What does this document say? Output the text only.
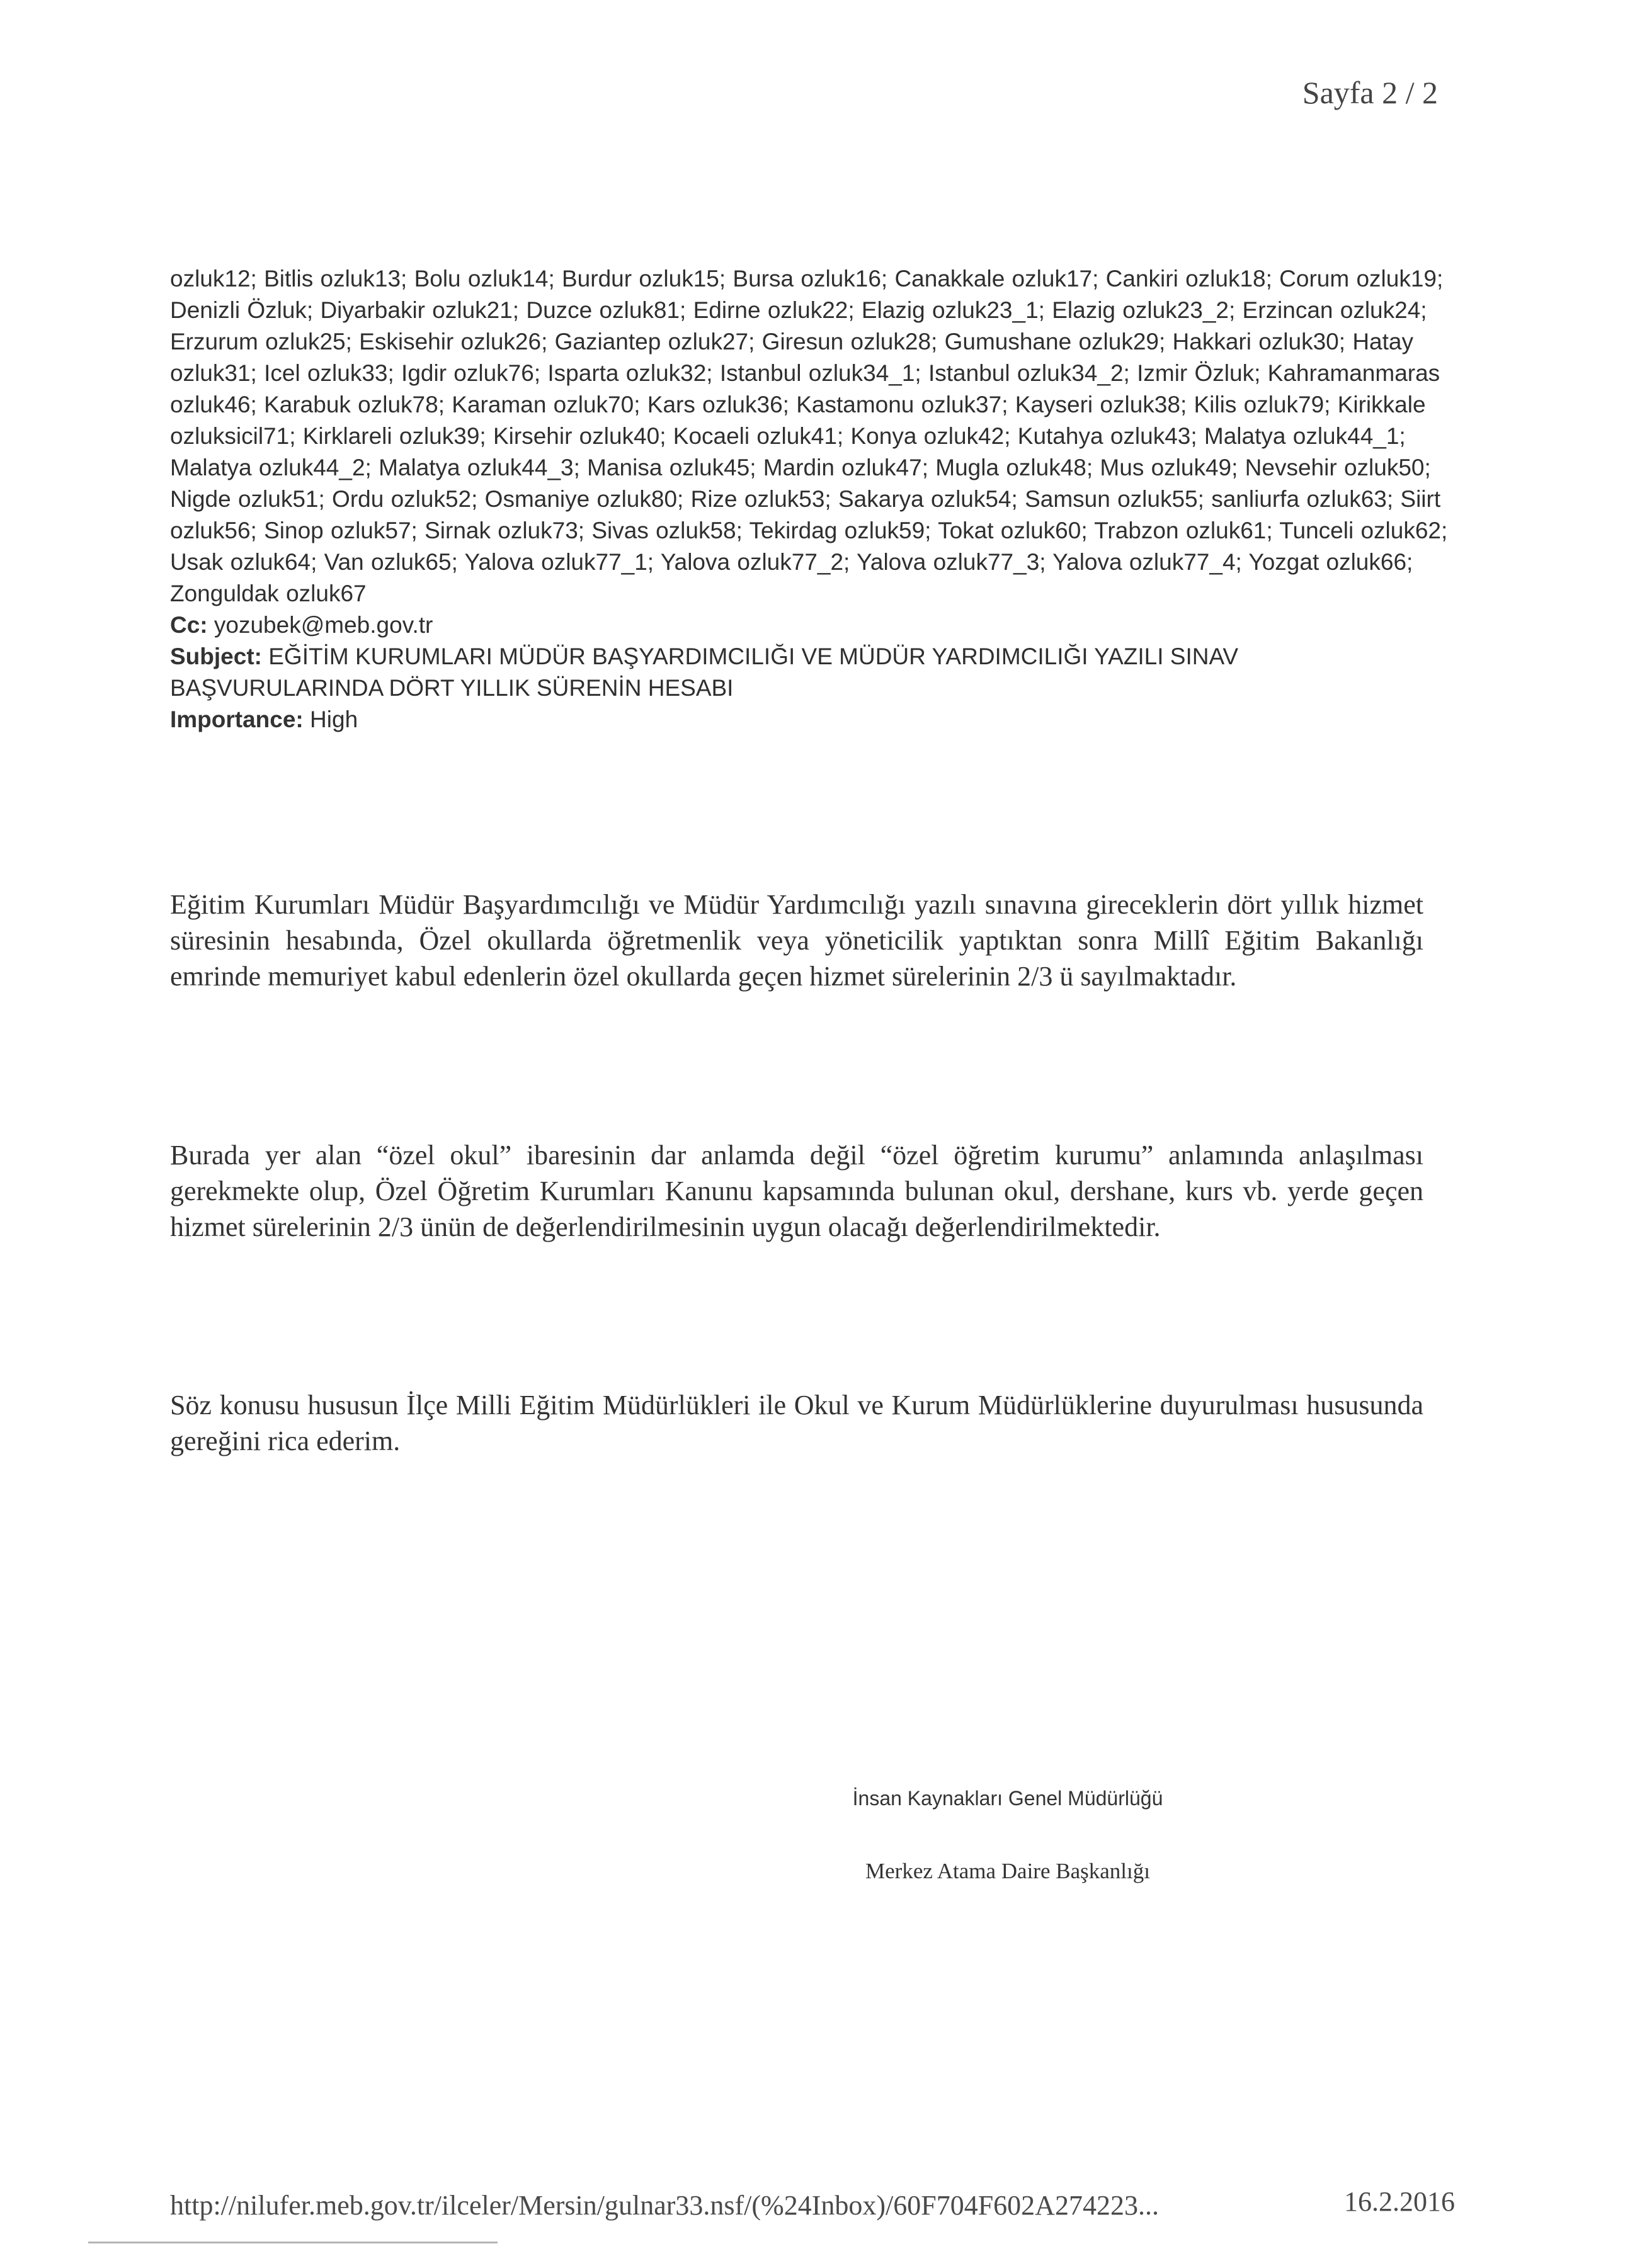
Sayfa 2 / 2

ozluk12; Bitlis ozluk13; Bolu ozluk14; Burdur ozluk15; Bursa ozluk16; Canakkale ozluk17; Cankiri ozluk18; Corum ozluk19; Denizli Özluk; Diyarbakir ozluk21; Duzce ozluk81; Edirne ozluk22; Elazig ozluk23_1; Elazig ozluk23_2; Erzincan ozluk24; Erzurum ozluk25; Eskisehir ozluk26; Gaziantep ozluk27; Giresun ozluk28; Gumushane ozluk29; Hakkari ozluk30; Hatay ozluk31; Icel ozluk33; Igdir ozluk76; Isparta ozluk32; Istanbul ozluk34_1; Istanbul ozluk34_2; Izmir Özluk; Kahramanmaras ozluk46; Karabuk ozluk78; Karaman ozluk70; Kars ozluk36; Kastamonu ozluk37; Kayseri ozluk38; Kilis ozluk79; Kirikkale ozluksicil71; Kirklareli ozluk39; Kirsehir ozluk40; Kocaeli ozluk41; Konya ozluk42; Kutahya ozluk43; Malatya ozluk44_1; Malatya ozluk44_2; Malatya ozluk44_3; Manisa ozluk45; Mardin ozluk47; Mugla ozluk48; Mus ozluk49; Nevsehir ozluk50; Nigde ozluk51; Ordu ozluk52; Osmaniye ozluk80; Rize ozluk53; Sakarya ozluk54; Samsun ozluk55; sanliurfa ozluk63; Siirt ozluk56; Sinop ozluk57; Sirnak ozluk73; Sivas ozluk58; Tekirdag ozluk59; Tokat ozluk60; Trabzon ozluk61; Tunceli ozluk62; Usak ozluk64; Van ozluk65; Yalova ozluk77_1; Yalova ozluk77_2; Yalova ozluk77_3; Yalova ozluk77_4; Yozgat ozluk66; Zonguldak ozluk67

Cc: yozubek@meb.gov.tr

Subject: EĞİTİM KURUMLARI MÜDÜR BAŞYARDIMCILIĞI VE MÜDÜR YARDIMCILIĞI YAZILI SINAV BAŞVURULARINDA DÖRT YILLIK SÜRENİN HESABI

Importance: High

Eğitim Kurumları Müdür Başyardımcılığı ve Müdür Yardımcılığı yazılı sınavına gireceklerin dört yıllık hizmet süresinin hesabında, Özel okullarda öğretmenlik veya yöneticilik yaptıktan sonra Millî Eğitim Bakanlığı emrinde memuriyet kabul edenlerin özel okullarda geçen hizmet sürelerinin 2/3 ü sayılmaktadır.

Burada yer alan “özel okul” ibaresinin dar anlamda değil “özel öğretim kurumu” anlamında anlaşılması gerekmekte olup, Özel Öğretim Kurumları Kanunu kapsamında bulunan okul, dershane, kurs vb. yerde geçen hizmet sürelerinin 2/3 ünün de değerlendirilmesinin uygun olacağı değerlendirilmektedir.

Söz konusu hususun İlçe Milli Eğitim Müdürlükleri ile Okul ve Kurum Müdürlüklerine duyurulması hususunda gereğini rica ederim.

İnsan Kaynakları Genel Müdürlüğü

Merkez Atama Daire Başkanlığı

http://nilufer.meb.gov.tr/ilceler/Mersin/gulnar33.nsf/(%24Inbox)/60F704F602A274223...	16.2.2016
